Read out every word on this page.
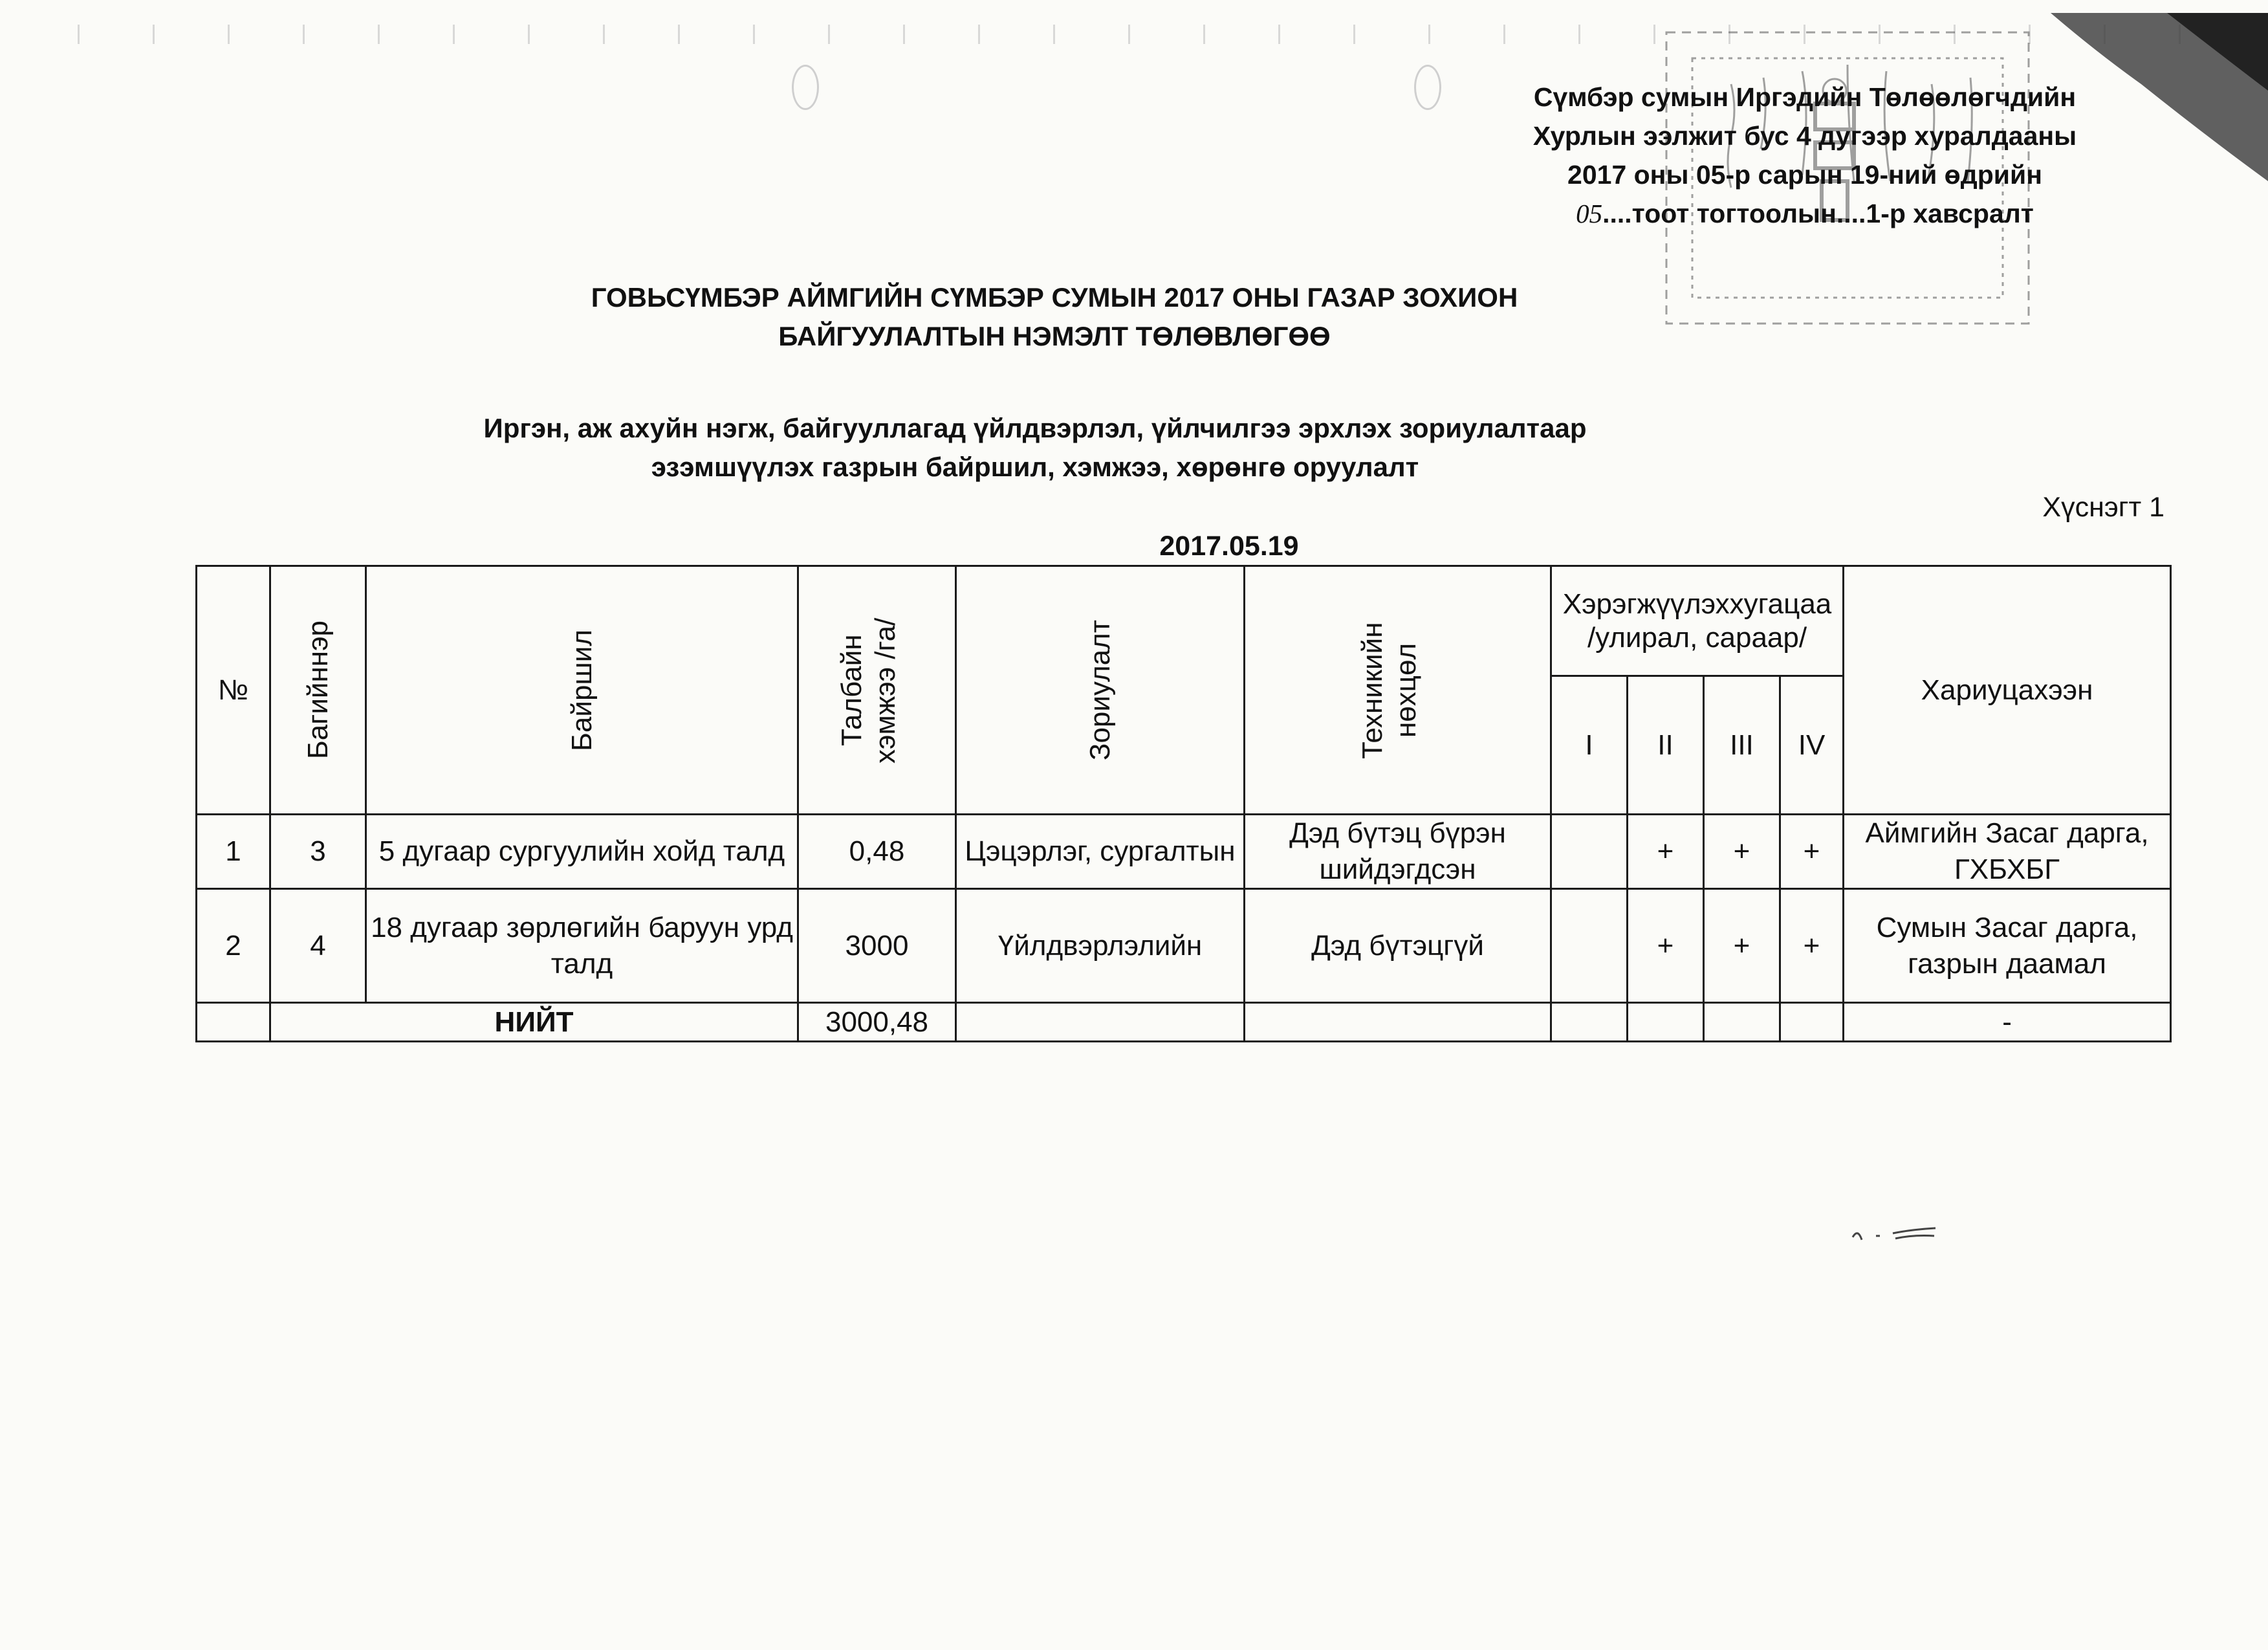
Сүмбэр сумын Иргэдийн Төлөөлөгчдийн
Хурлын ээлжит бус 4 дугээр хуралдааны
2017 оны 05-р сарын 19-ний өдрийн
05....тоот тогтоолын....1-р хавсралт
ГОВЬСҮМБЭР АЙМГИЙН СҮМБЭР СУМЫН 2017 ОНЫ ГАЗАР ЗОХИОН
БАЙГУУЛАЛТЫН НЭМЭЛТ ТӨЛӨВЛӨГӨӨ
Иргэн, аж ахуйн нэгж, байгууллагад үйлдвэрлэл, үйлчилгээ эрхлэх зориулалтаар
эзэмшүүлэх газрын байршил, хэмжээ, хөрөнгө оруулалт
Хүснэгт 1
2017.05.19
№	Багийннэр	Байршил	Талбайн хэмжээ /га/	Зориулалт	Техникийн нөхцөл	Хэрэгжүүлэххугацаа /улирал, сараар/				Хариуцахээн
						I	II	III	IV	
1	3	5 дугаар сургуулийн хойд талд	0,48	Цэцэрлэг, сургалтын	Дэд бүтэц бүрэн шийдэгдсэн		+	+	+	Аймгийн Засаг дарга, ГХБХБГ
2	4	18 дугаар зөрлөгийн баруун урд талд	3000	Үйлдвэрлэлийн	Дэд бүтэцгүй		+	+	+	Сумын Засаг дарга, газрын даамал
	НИЙТ		3000,48							-
